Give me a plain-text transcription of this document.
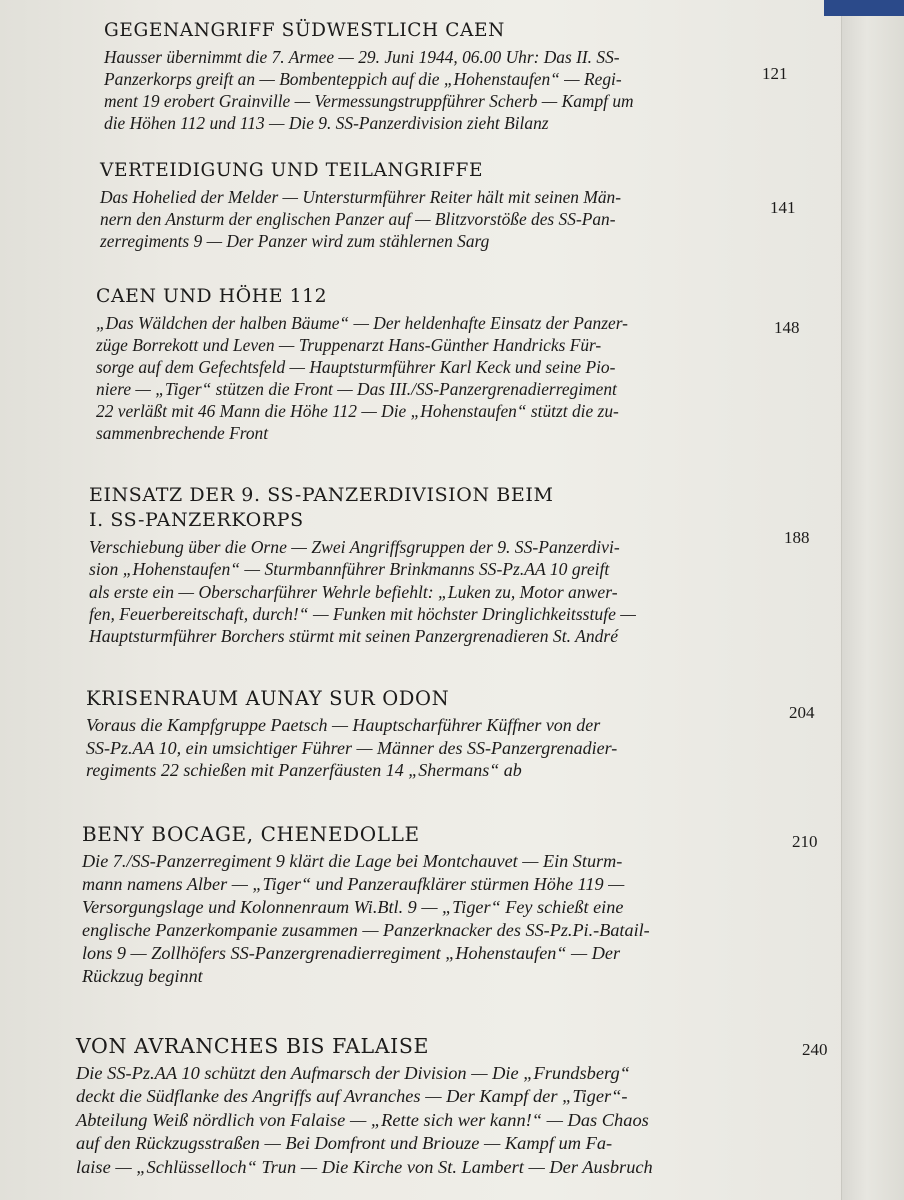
GEGENANGRIFF SÜDWESTLICH CAEN
Hausser übernimmt die 7. Armee — 29. Juni 1944, 06.00 Uhr: Das II. SS-
Panzerkorps greift an — Bombenteppich auf die „Hohenstaufen“ — Regi-
ment 19 erobert Grainville — Vermessungstruppführer Scherb — Kampf um
die Höhen 112 und 113 — Die 9. SS-Panzerdivision zieht Bilanz
121
VERTEIDIGUNG UND TEILANGRIFFE
Das Hohelied der Melder — Untersturmführer Reiter hält mit seinen Män-
nern den Ansturm der englischen Panzer auf — Blitzvorstöße des SS-Pan-
zerregiments 9 — Der Panzer wird zum stählernen Sarg
141
CAEN UND HÖHE 112
„Das Wäldchen der halben Bäume“ — Der heldenhafte Einsatz der Panzer-
züge Borrekott und Leven — Truppenarzt Hans-Günther Handricks Für-
sorge auf dem Gefechtsfeld — Hauptsturmführer Karl Keck und seine Pio-
niere — „Tiger“ stützen die Front — Das III./SS-Panzergrenadierregiment
22 verläßt mit 46 Mann die Höhe 112 — Die „Hohenstaufen“ stützt die zu-
sammenbrechende Front
148
EINSATZ DER 9. SS-PANZERDIVISION BEIM
I. SS-PANZERKORPS
Verschiebung über die Orne — Zwei Angriffsgruppen der 9. SS-Panzerdivi-
sion „Hohenstaufen“ — Sturmbannführer Brinkmanns SS-Pz.AA 10 greift
als erste ein — Oberscharführer Wehrle befiehlt: „Luken zu, Motor anwer-
fen, Feuerbereitschaft, durch!“ — Funken mit höchster Dringlichkeitsstufe —
Hauptsturmführer Borchers stürmt mit seinen Panzergrenadieren St. André
188
KRISENRAUM AUNAY SUR ODON
Voraus die Kampfgruppe Paetsch — Hauptscharführer Küffner von der
SS-Pz.AA 10, ein umsichtiger Führer — Männer des SS-Panzergrenadier-
regiments 22 schießen mit Panzerfäusten 14 „Shermans“ ab
204
BENY BOCAGE, CHENEDOLLE
Die 7./SS-Panzerregiment 9 klärt die Lage bei Montchauvet — Ein Sturm-
mann namens Alber — „Tiger“ und Panzeraufklärer stürmen Höhe 119 —
Versorgungslage und Kolonnenraum Wi.Btl. 9 — „Tiger“ Fey schießt eine
englische Panzerkompanie zusammen — Panzerknacker des SS-Pz.Pi.-Batail-
lons 9 — Zollhöfers SS-Panzergrenadierregiment „Hohenstaufen“ — Der
Rückzug beginnt
210
VON AVRANCHES BIS FALAISE
Die SS-Pz.AA 10 schützt den Aufmarsch der Division — Die „Frundsberg“
deckt die Südflanke des Angriffs auf Avranches — Der Kampf der „Tiger“-
Abteilung Weiß nördlich von Falaise — „Rette sich wer kann!“ — Das Chaos
auf den Rückzugsstraßen — Bei Domfront und Briouze — Kampf um Fa-
laise — „Schlüsselloch“ Trun — Die Kirche von St. Lambert — Der Ausbruch
240
